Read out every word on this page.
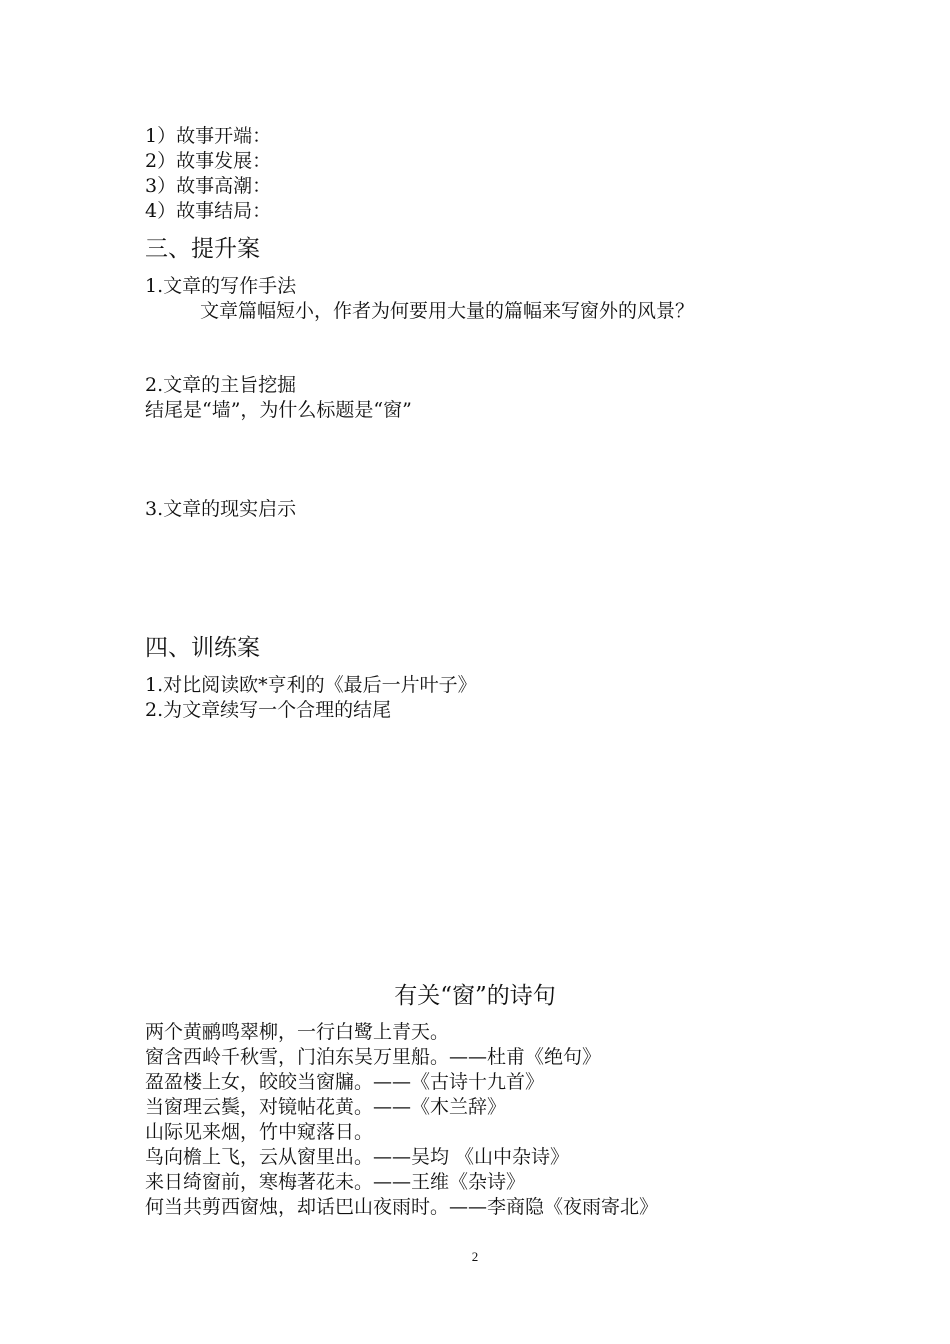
1）故事开端：
2）故事发展：
3）故事高潮：
4）故事结局：
三、提升案
1.文章的写作手法
文章篇幅短小，作者为何要用大量的篇幅来写窗外的风景？
2.文章的主旨挖掘
结尾是“墙”，为什么标题是“窗”
3.文章的现实启示
四、训练案
1.对比阅读欧*亨利的《最后一片叶子》
2.为文章续写一个合理的结尾
有关“窗”的诗句
两个黄鹂鸣翠柳，一行白鹭上青天。
窗含西岭千秋雪，门泊东吴万里船。——杜甫《绝句》
盈盈楼上女，皎皎当窗牖。——《古诗十九首》
当窗理云鬓，对镜帖花黄。——《木兰辞》
山际见来烟，竹中窥落日。
鸟向檐上飞，云从窗里出。——吴均 《山中杂诗》
来日绮窗前，寒梅著花未。——王维《杂诗》
何当共剪西窗烛，却话巴山夜雨时。——李商隐《夜雨寄北》
2
